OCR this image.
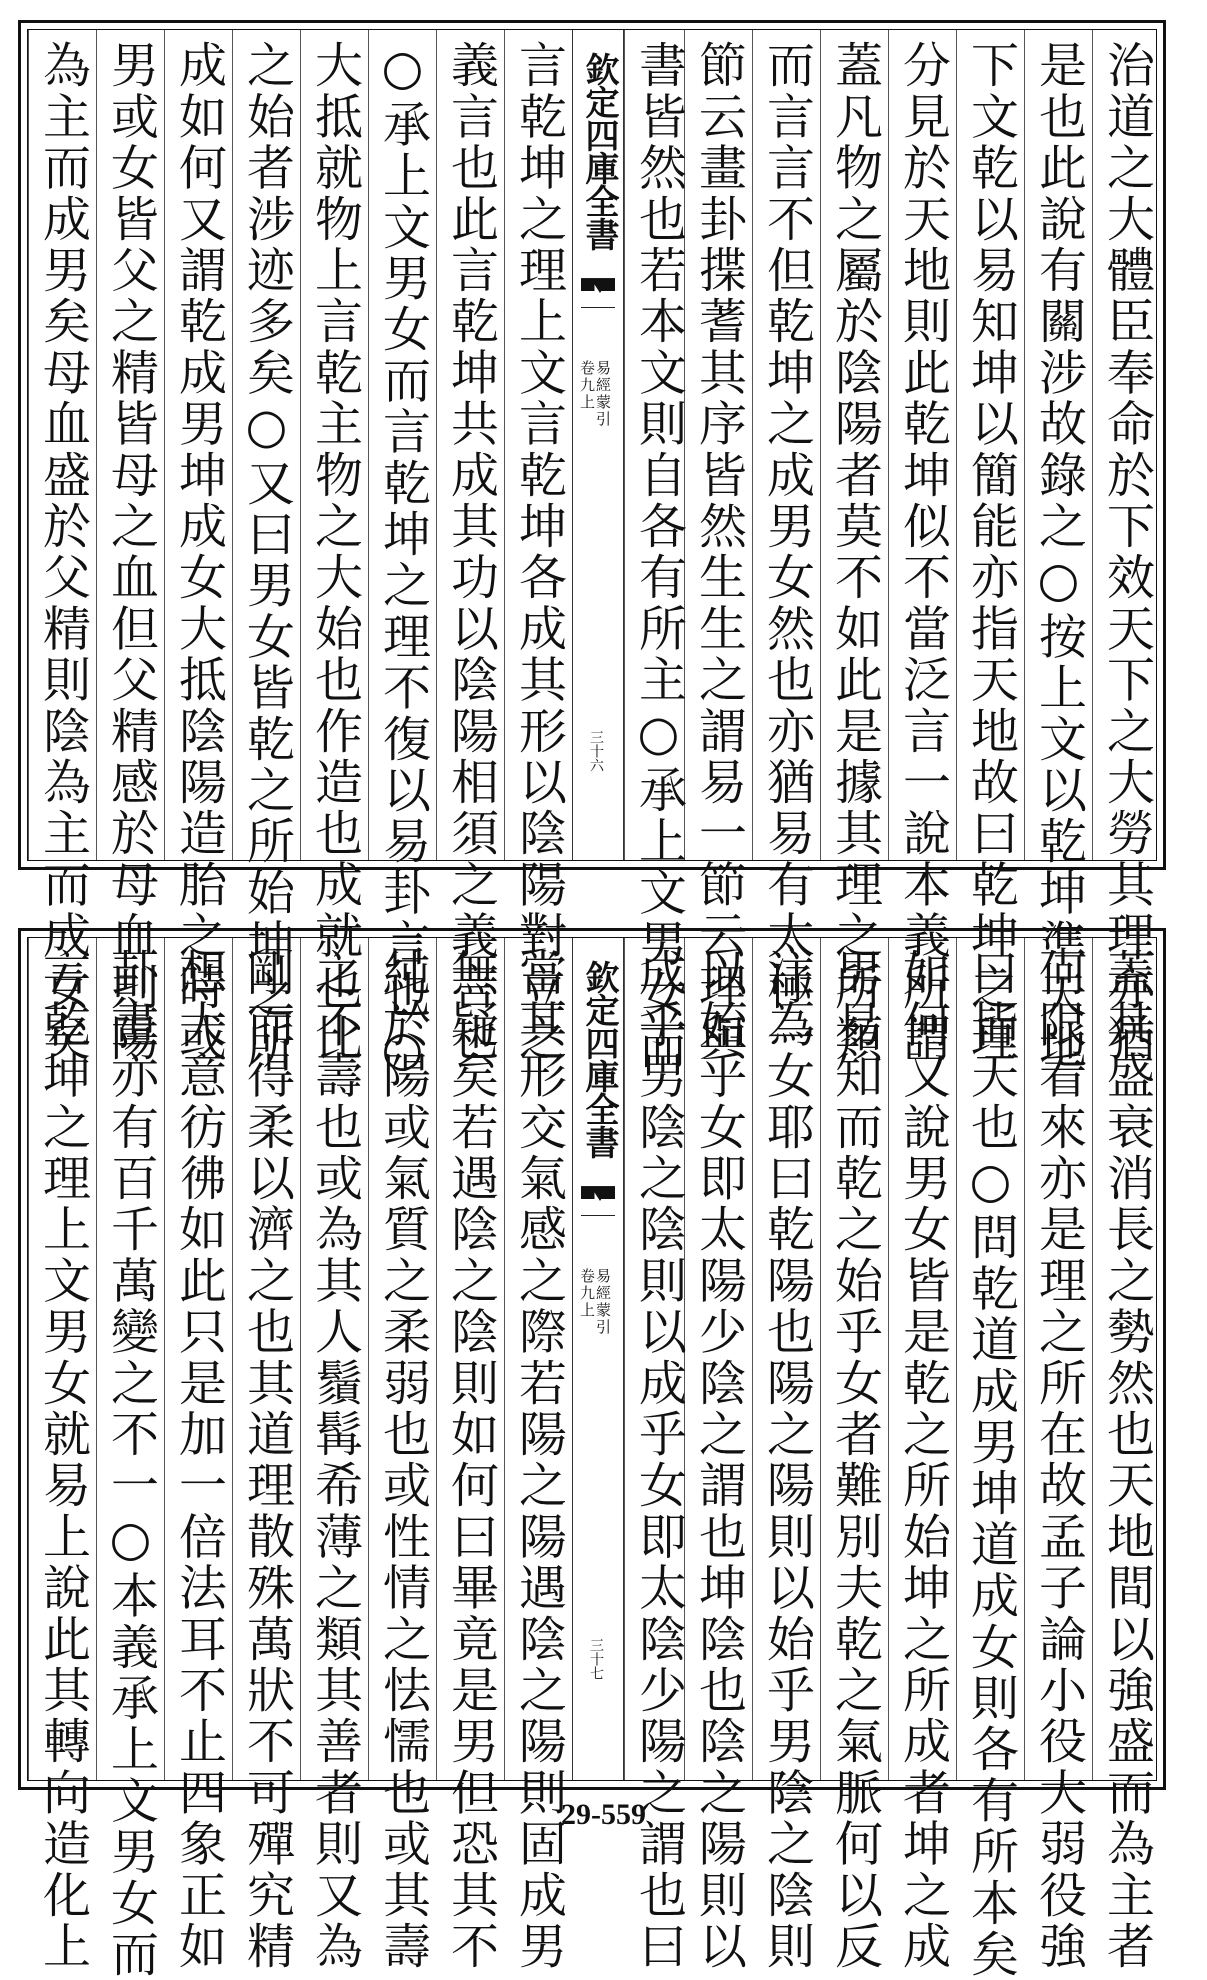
言乾坤之理上文言乾坤各成其形以陰陽對立之
義言也此言乾坤共成其功以陰陽相須之義言也
○承上文男女而言乾坤之理不復以易卦言也○
大抵就物上言乾主物之大始也作造也成就也比
之始者涉迹多矣○又曰男女皆乾之所始坤之所
成如何又謂乾成男坤成女大抵陰陽造胎之時或
男或女皆父之精皆母之血但父精感於母血則陽
為主而成男矣母血盛於父精則陰為主而成女矣	欽定四庫全書
易經蒙引
卷九上
三十六	治道之大體臣奉命於下效天下之大勞其理亦猶
是也此說有關涉故錄之○按上文以乾坤準天地
下文乾以易知坤以簡能亦指天地故曰乾坤之理
分見於天地則此乾坤似不當泛言一說本義所謂
蓋凡物之屬於陰陽者莫不如此是據其理之所類
而言言不但乾坤之成男女然也亦猶易有太極一
節云畫卦揲蓍其序皆然生生之謂易一節云理與
書皆然也若本文則自各有所主○承上文男女而
當其形交氣感之際若陽之陽遇陰之陽則固成男
無疑矣若遇陰之陰則如何曰畢竟是男但恐其不
純於陽或氣質之柔弱也或性情之怯懦也或其壽
之不壽也或為其人鬚髯希薄之類其善者則又為
剛而得柔以濟之也其道理散殊萬狀不可殫究精
想大意彷彿如此只是加一倍法耳不止四象正如
卦畫亦有百千萬變之不一○本義承上文男女而
言乾坤之理上文男女就易上說此其轉向造化上	欽定四庫全書
易經蒙引
卷九上
三十七	蓋其盛衰消長之勢然也天地間以強盛而為主者
何限看來亦是理之所在故孟子論小役大弱役強
曰皆天也○問乾道成男坤道成女則各有所本矣
如何又說男女皆是乾之所始坤之所成者坤之成
男易知而乾之始乎女者難別夫乾之氣脈何以反
注為女耶曰乾陽也陽之陽則以始乎男陰之陰則
以始乎女即太陽少陰之謂也坤陰也陰之陽則以
成乎男陰之陰則以成乎女即太陰少陽之謂也曰
29-559
